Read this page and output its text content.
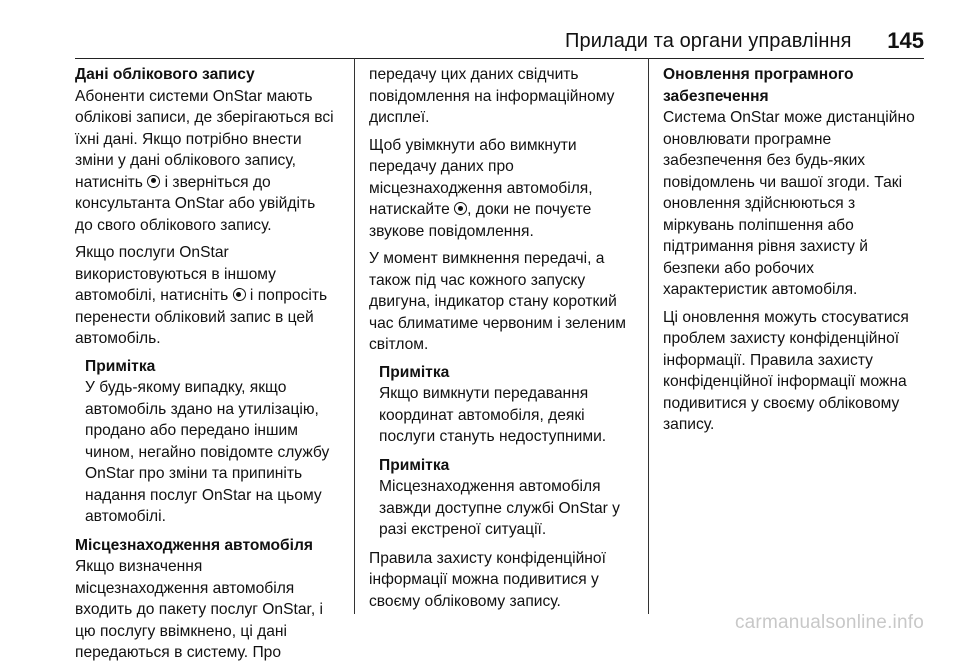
Прилади та органи управління 145
Дані облікового запису
Абоненти системи OnStar мають
облікові записи, де зберігаються всі
їхні дані. Якщо потрібно внести
зміни у дані облікового запису,
натисніть і зверніться до
консультанта OnStar або увійдіть
до свого облікового запису.
Якщо послуги OnStar
використовуються в іншому
автомобілі, натисніть і попросіть
перенести обліковий запис в цей
автомобіль.
Примітка
У будь-якому випадку, якщо
автомобіль здано на утилізацію,
продано або передано іншим
чином, негайно повідомте службу
OnStar про зміни та припиніть
надання послуг OnStar на цьому
автомобілі.
Місцезнаходження автомобіля
Якщо визначення
місцезнаходження автомобіля
входить до пакету послуг OnStar, і
цю послугу ввімкнено, ці дані
передаються в систему. Про
передачу цих даних свідчить
повідомлення на інформаційному
дисплеї.
Щоб увімкнути або вимкнути
передачу даних про
місцезнаходження автомобіля,
натискайте , доки не почуєте
звукове повідомлення.
У момент вимкнення передачі, а
також під час кожного запуску
двигуна, індикатор стану короткий
час блиматиме червоним і зеленим
світлом.
Примітка
Якщо вимкнути передавання
координат автомобіля, деякі
послуги стануть недоступними.
Примітка
Місцезнаходження автомобіля
завжди доступне службі OnStar у
разі екстреної ситуації.
Правила захисту конфіденційної
інформації можна подивитися у
своєму обліковому запису.
Оновлення програмного
забезпечення
Система OnStar може дистанційно
оновлювати програмне
забезпечення без будь-яких
повідомлень чи вашої згоди. Такі
оновлення здійснюються з
міркувань поліпшення або
підтримання рівня захисту й
безпеки або робочих
характеристик автомобіля.
Ці оновлення можуть стосуватися
проблем захисту конфіденційної
інформації. Правила захисту
конфіденційної інформації можна
подивитися у своєму обліковому
запису.
carmanualsonline.info
